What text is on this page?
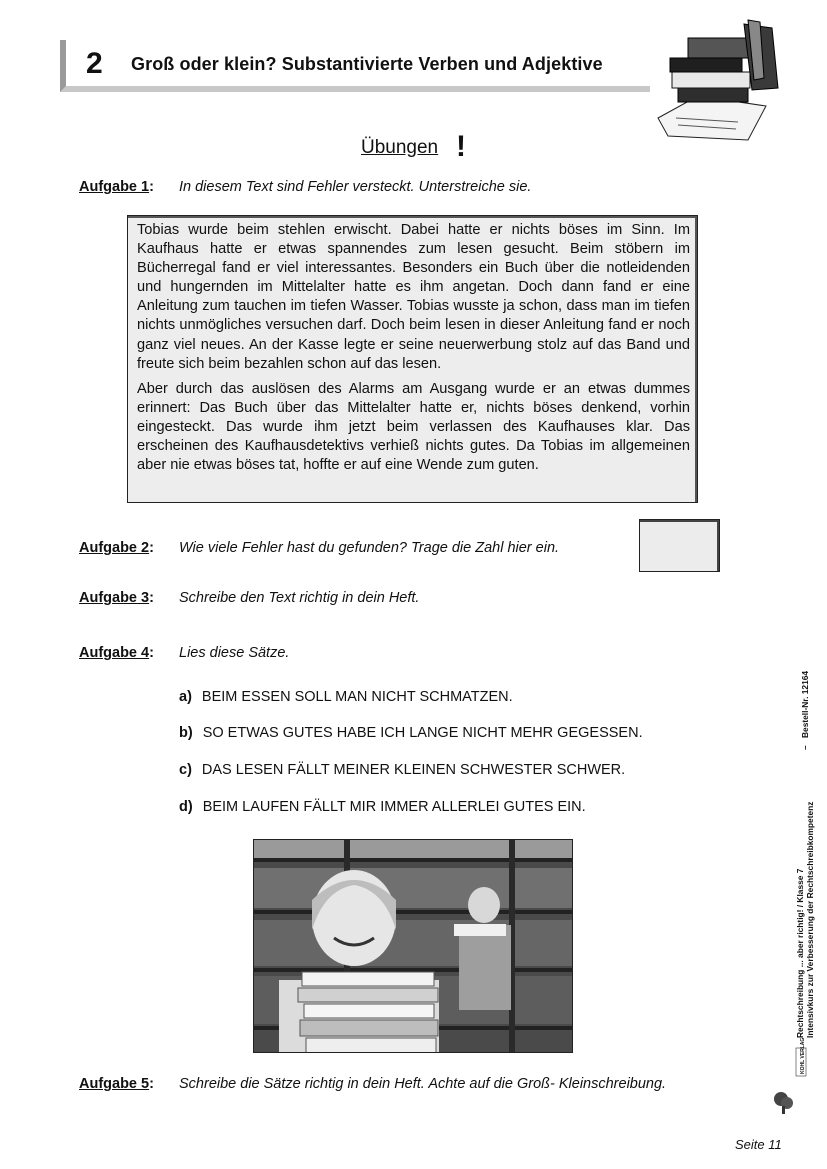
2 Groß oder klein? Substantivierte Verben und Adjektive
Übungen !
Aufgabe 1: In diesem Text sind Fehler versteckt. Unterstreiche sie.

Tobias wurde beim stehlen erwischt. Dabei hatte er nichts böses im Sinn. Im Kaufhaus hatte er etwas spannendes zum lesen gesucht. Beim stöbern im Bücherregal fand er viel interessantes. Besonders ein Buch über die notleidenden und hungernden im Mittelalter hatte es ihm angetan. Doch dann fand er eine Anleitung zum tauchen im tiefen Wasser. Tobias wusste ja schon, dass man im tiefen nichts unmögliches versuchen darf. Doch beim lesen in dieser Anleitung fand er noch ganz viel neues. An der Kasse legte er seine neuerwerbung stolz auf das Band und freute sich beim bezahlen schon auf das lesen.

Aber durch das auslösen des Alarms am Ausgang wurde er an etwas dummes erinnert: Das Buch über das Mittelalter hatte er, nichts böses denkend, vorhin eingesteckt. Das wurde ihm jetzt beim verlassen des Kaufhauses klar. Das erscheinen des Kaufhausdetektivs verhieß nichts gutes. Da Tobias im allgemeinen aber nie etwas böses tat, hoffte er auf eine Wende zum guten.

Aufgabe 2: Wie viele Fehler hast du gefunden? Trage die Zahl hier ein.
Aufgabe 3: Schreibe den Text richtig in dein Heft.
Aufgabe 4: Lies diese Sätze.
a) BEIM ESSEN SOLL MAN NICHT SCHMATZEN.
b) SO ETWAS GUTES HABE ICH LANGE NICHT MEHR GEGESSEN.
c) DAS LESEN FÄLLT MEINER KLEINEN SCHWESTER SCHWER.
d) BEIM LAUFEN FÄLLT MIR IMMER ALLERLEI GUTES EIN.
Aufgabe 5: Schreibe die Sätze richtig in dein Heft. Achte auf die Groß- Kleinschreibung.
Rechtschreibung ... aber richtig! / Klasse 7 Intensivkurs zur Verbesserung der Rechtschreibkompetenz
–
Bestell-Nr. 12164
KOHL VERLAG
Seite 11
